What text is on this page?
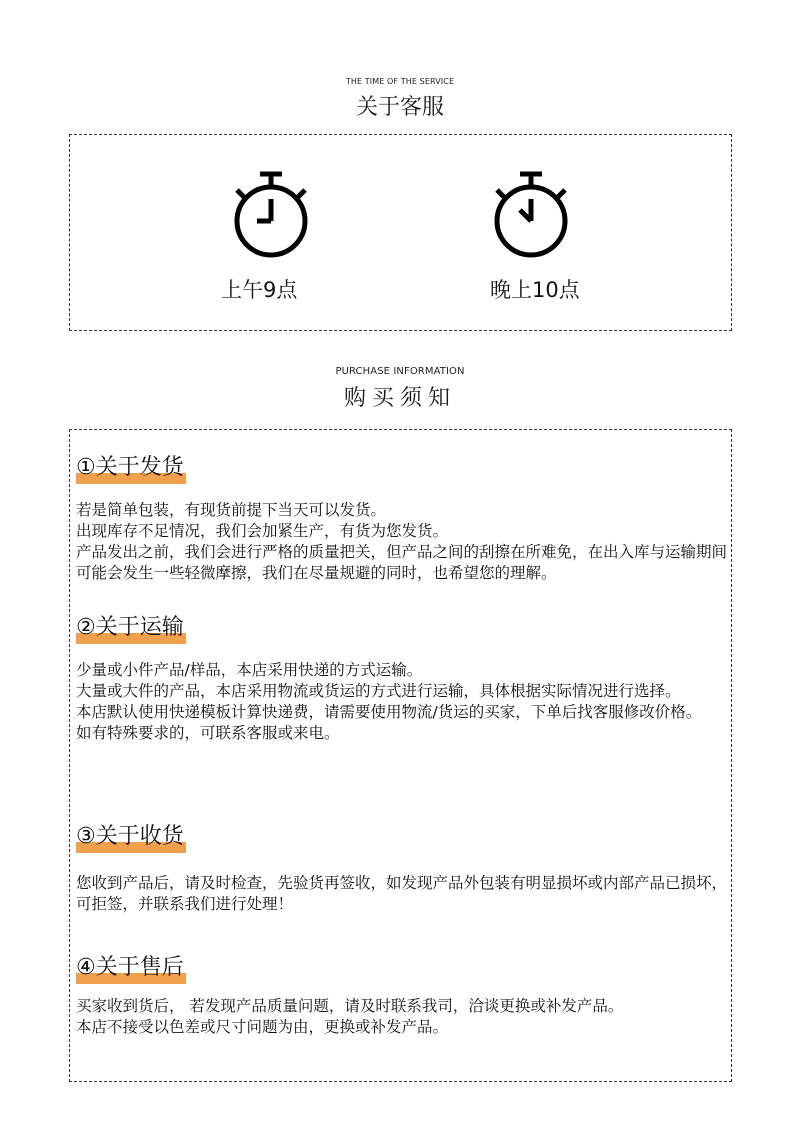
THE TIME OF THE SERVICE
关于客服
上午9点	晚上10点
PURCHASE INFORMATION
购买须知
①关于发货

若是简单包装，有现货前提下当天可以发货。

出现库存不足情况，我们会加紧生产，有货为您发货。

产品发出之前，我们会进行严格的质量把关，但产品之间的刮擦在所难免，在出入库与运输期间可能会发生一些轻微摩擦，我们在尽量规避的同时，也希望您的理解。

②关于运输

少量或小件产品/样品，本店采用快递的方式运输。

大量或大件的产品，本店采用物流或货运的方式进行运输，具体根据实际情况进行选择。

本店默认使用快递模板计算快递费，请需要使用物流/货运的买家，下单后找客服修改价格。

如有特殊要求的，可联系客服或来电。

③关于收货

您收到产品后，请及时检查，先验货再签收，如发现产品外包装有明显损坏或内部产品已损坏，可拒签，并联系我们进行处理！

④关于售后

买家收到货后， 若发现产品质量问题，请及时联系我司，洽谈更换或补发产品。

本店不接受以色差或尺寸问题为由，更换或补发产品。
